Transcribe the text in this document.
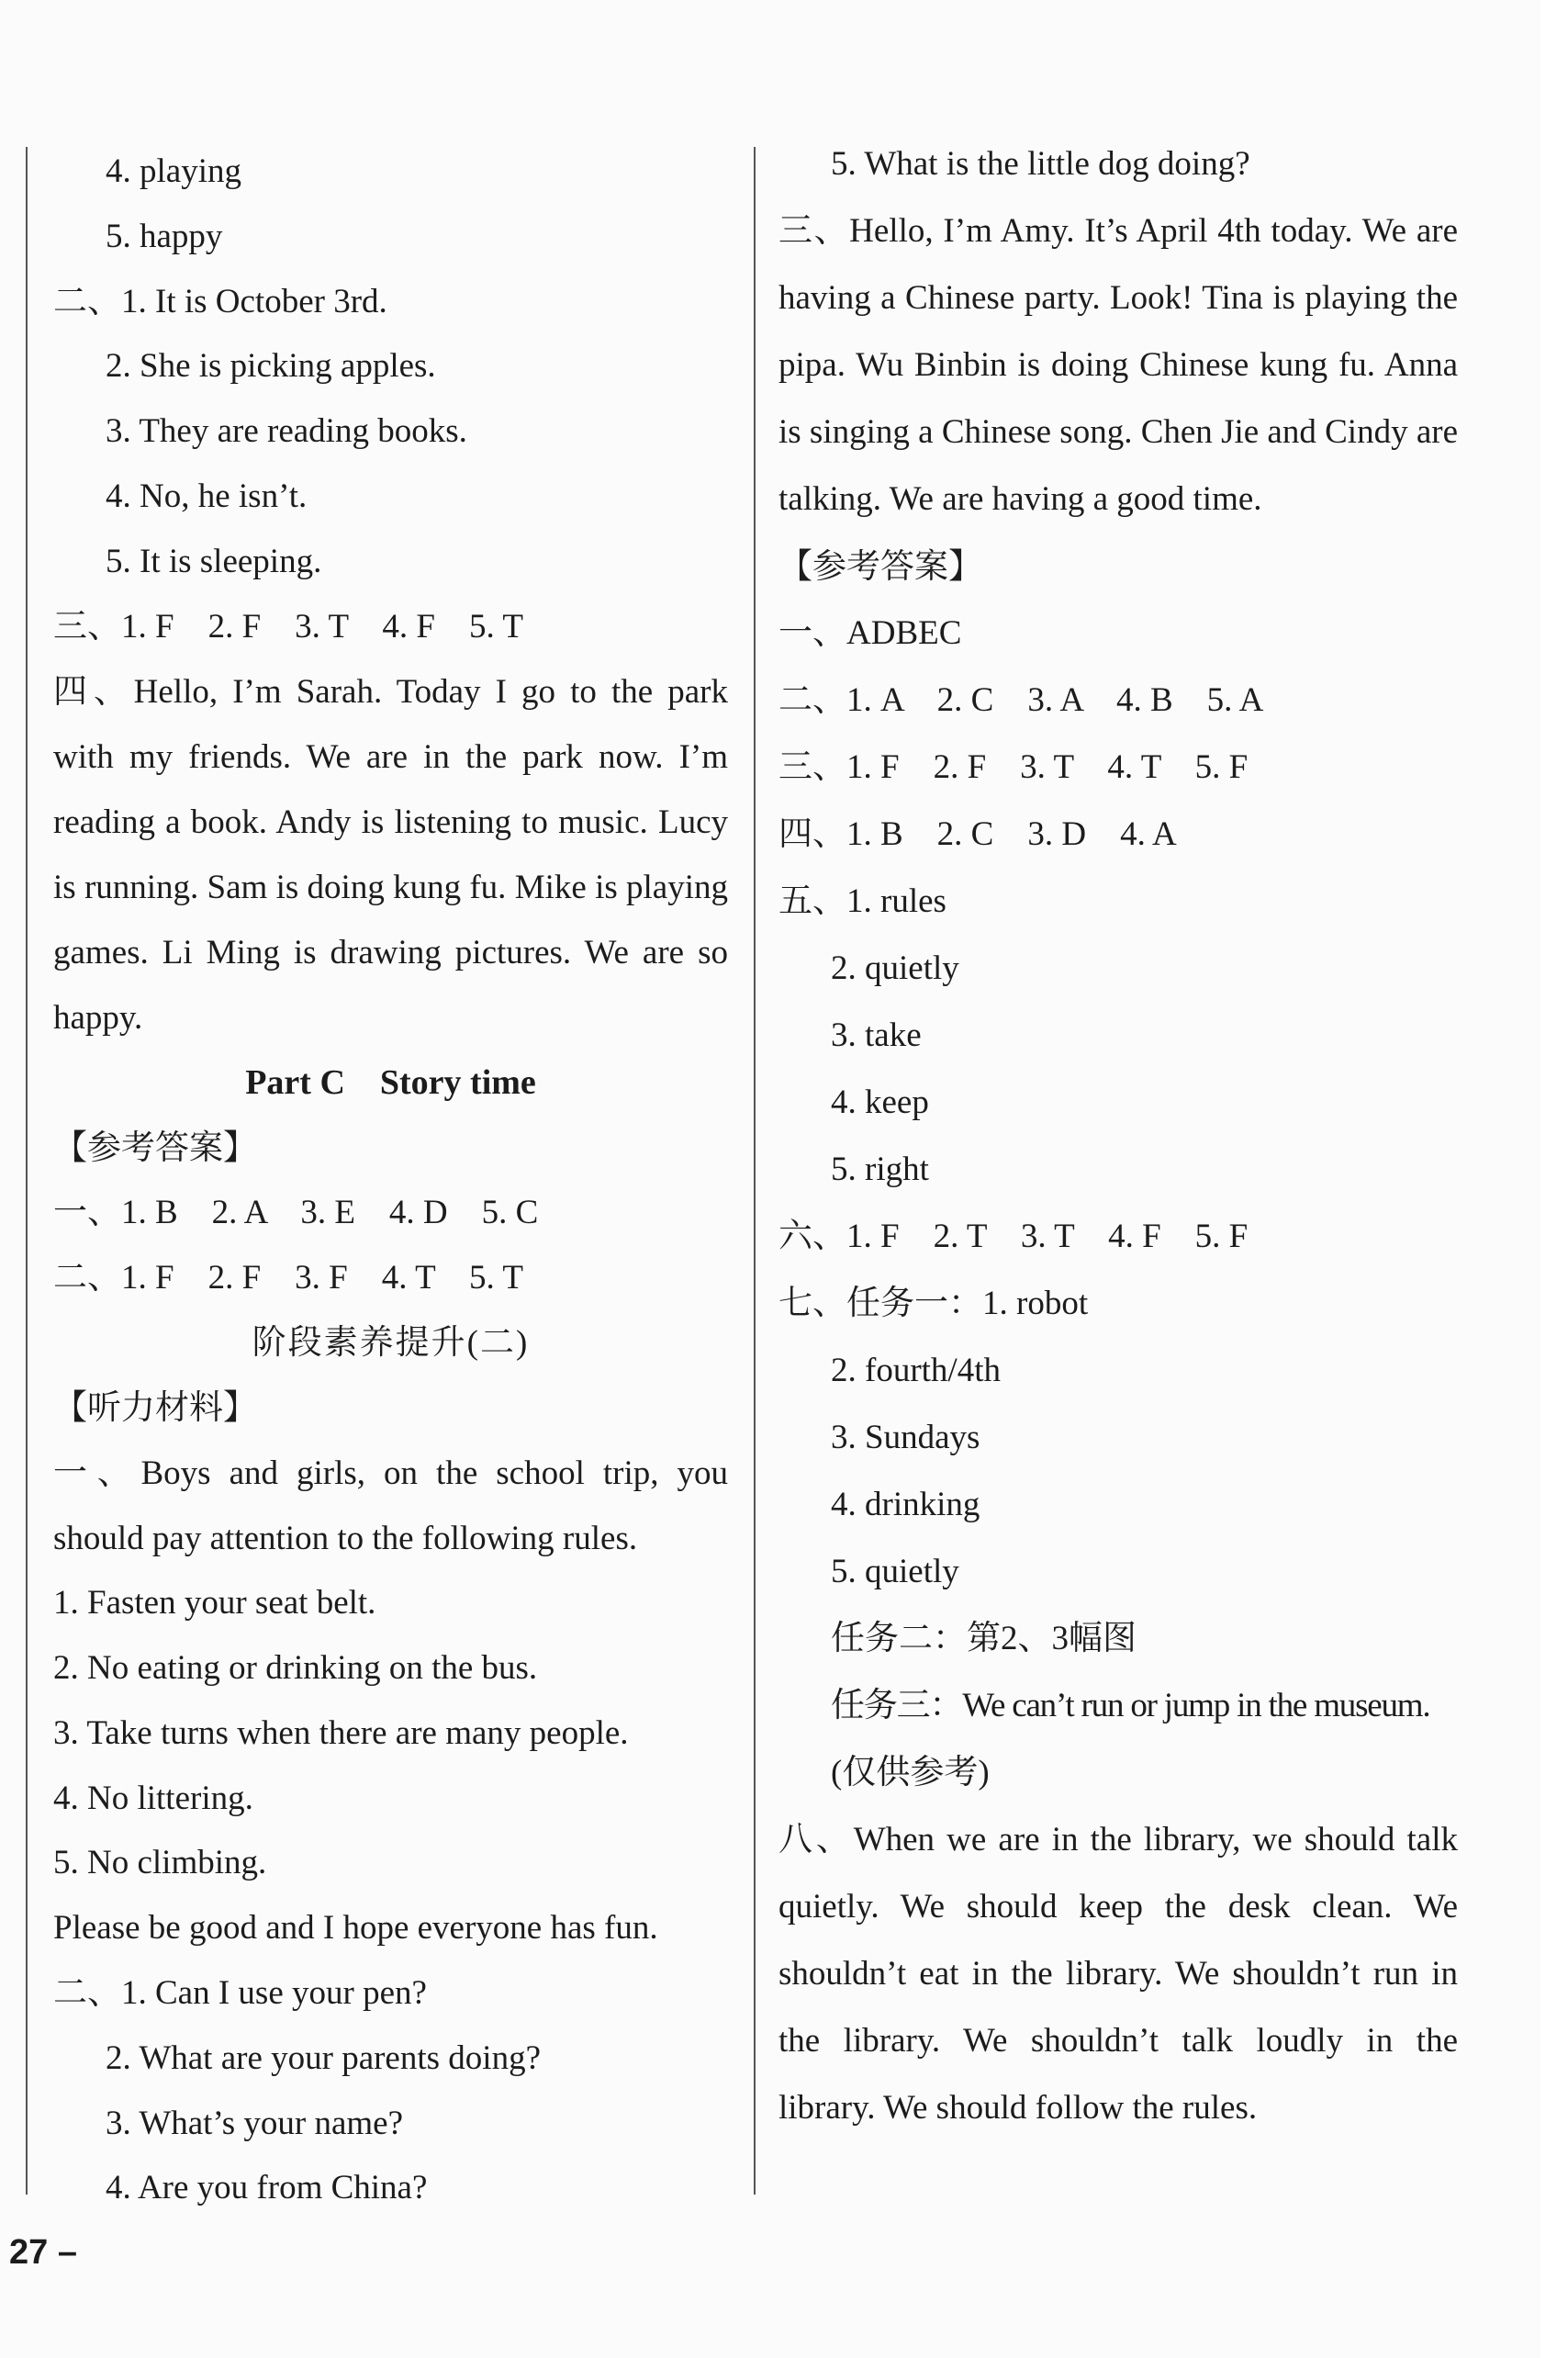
4. playing
5. happy
二、1. It is October 3rd.
2. She is picking apples.
3. They are reading books.
4. No, he isn’t.
5. It is sleeping.
三、1. F　2. F　3. T　4. F　5. T
四、Hello, I’m Sarah. Today I go to the park with my friends. We are in the park now. I’m reading a book. Andy is listening to music. Lucy is running. Sam is doing kung fu. Mike is playing games. Li Ming is drawing pictures. We are so happy.
Part C　Story time
【参考答案】
一、1. B　2. A　3. E　4. D　5. C
二、1. F　2. F　3. F　4. T　5. T
阶段素养提升(二)
【听力材料】
一、Boys and girls, on the school trip, you should pay attention to the following rules.
1. Fasten your seat belt.
2. No eating or drinking on the bus.
3. Take turns when there are many people.
4. No littering.
5. No climbing.
Please be good and I hope everyone has fun.
二、1. Can I use your pen?
2. What are your parents doing?
3. What’s your name?
4. Are you from China?
5. What is the little dog doing?
三、Hello, I’m Amy. It’s April 4th today. We are having a Chinese party. Look! Tina is playing the pipa. Wu Binbin is doing Chinese kung fu. Anna is singing a Chinese song. Chen Jie and Cindy are talking. We are having a good time.
【参考答案】
一、ADBEC
二、1. A　2. C　3. A　4. B　5. A
三、1. F　2. F　3. T　4. T　5. F
四、1. B　2. C　3. D　4. A
五、1. rules
2. quietly
3. take
4. keep
5. right
六、1. F　2. T　3. T　4. F　5. F
七、任务一：1. robot
2. fourth/4th
3. Sundays
4. drinking
5. quietly
任务二：第2、3幅图
任务三：We can’t run or jump in the museum.
(仅供参考)
八、When we are in the library, we should talk quietly. We should keep the desk clean. We shouldn’t eat in the library. We shouldn’t run in the library. We shouldn’t talk loudly in the library. We should follow the rules.
27 –
